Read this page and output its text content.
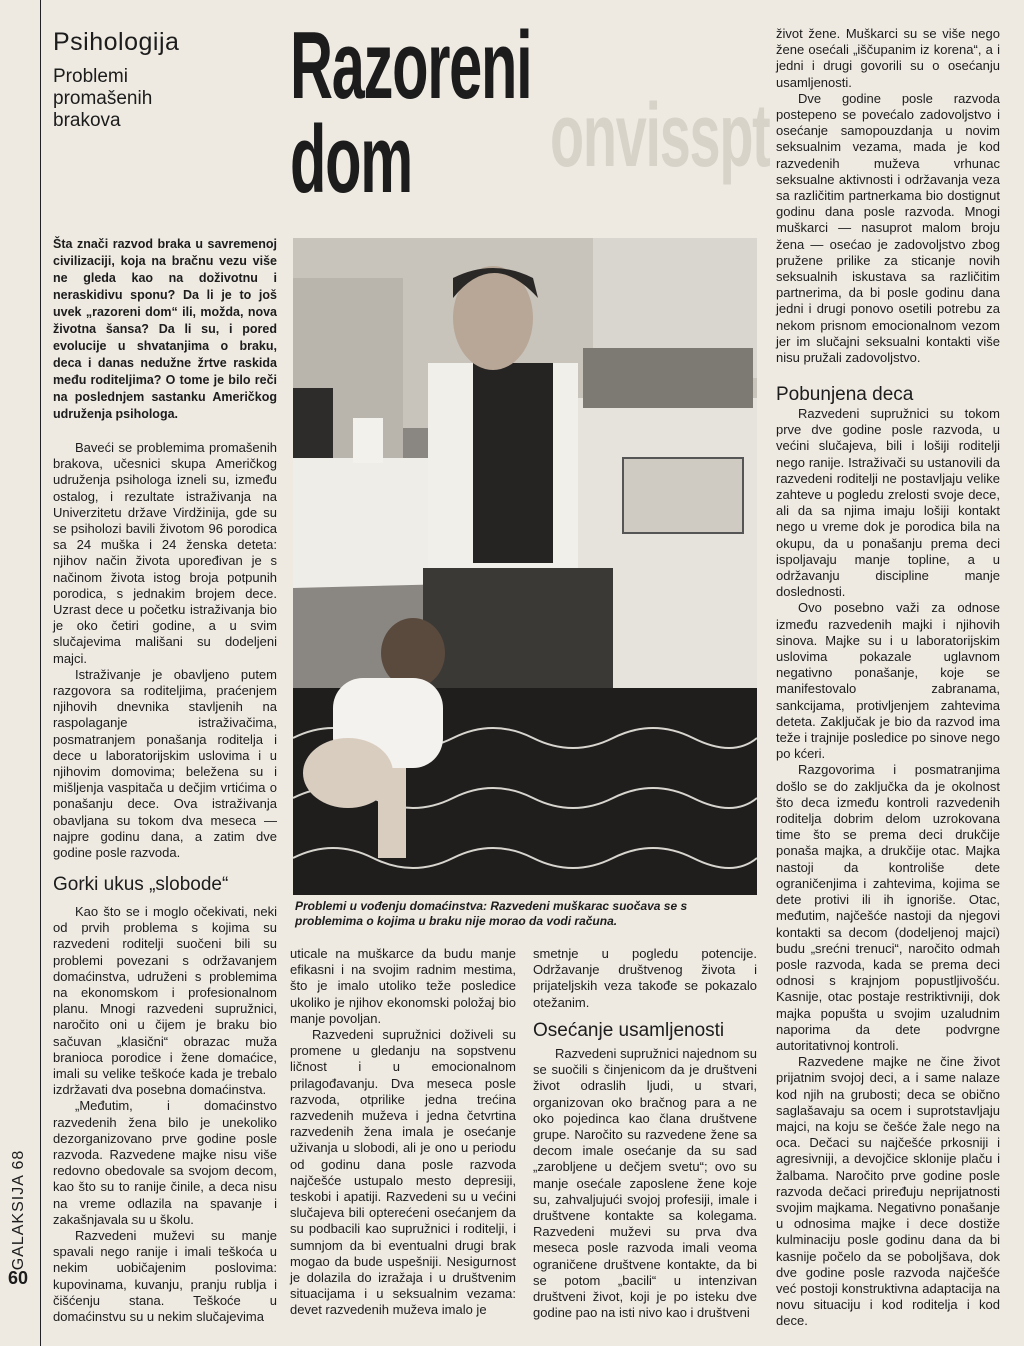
GALAKSIJA 68
60
Psihologija
Problemi promašenih brakova	onvisspt
Razoreni
dom
Šta znači razvod braka u savremenoj civilizaciji, koja na bračnu vezu više ne gleda kao na doživotnu i neraskidivu sponu? Da li je to još uvek „razoreni dom“ ili, možda, nova životna šansa? Da li su, i pored evolucije u shvatanjima o braku, deca i danas nedužne žrtve raskida među roditeljima? O tome je bilo reči na poslednjem sastanku Američkog udruženja psihologa.

Baveći se problemima promašenih brakova, učesnici skupa Američkog udruženja psihologa izneli su, između ostalog, i rezultate istraživanja na Univerzitetu države Virdžinija, gde su se psiholozi bavili životom 96 porodica sa 24 muška i 24 ženska deteta: njihov način života upoređivan je s načinom života istog broja potpunih porodica, s jednakim brojem dece. Uzrast dece u početku istraživanja bio je oko četiri godine, a u svim slučajevima mališani su dodeljeni majci.

Istraživanje je obavljeno putem razgovora sa roditeljima, praćenjem njihovih dnevnika stavljenih na raspolaganje istraživačima, posmatranjem ponašanja roditelja i dece u laboratorijskim uslovima i u njihovim domovima; beležena su i mišljenja vaspitača u dečjim vrtićima o ponašanju dece. Ova istraživanja obavljana su tokom dva meseca — najpre godinu dana, a zatim dve godine posle razvoda.

Gorki ukus „slobode“

Kao što se i moglo očekivati, neki od prvih problema s kojima su razvedeni roditelji suočeni bili su problemi povezani s održavanjem domaćinstva, udruženi s problemima na ekonomskom i profesionalnom planu. Mnogi razvedeni supružnici, naročito oni u čijem je braku bio sačuvan „klasični“ obrazac muža branioca porodice i žene domaćice, imali su velike teškoće kada je trebalo izdržavati dva posebna domaćinstva.

„Međutim, i domaćinstvo razvedenih žena bilo je unekoliko dezorganizovano prve godine posle razvoda. Razvedene majke nisu više redovno obedovale sa svojom decom, kao što su to ranije činile, a deca nisu na vreme odlazila na spavanje i zakašnjavala su u školu.

Razvedeni muževi su manje spavali nego ranije i imali teškoća u nekim uobičajenim poslovima: kupovinama, kuvanju, pranju rublja i čišćenju stana. Teškoće u domaćinstvu su u nekim slučajevima

Problemi u vođenju domaćinstva: Razvedeni muškarac suočava se s problemima o kojima u braku nije morao da vodi računa.

uticale na muškarce da budu manje efikasni i na svojim radnim mestima, što je imalo utoliko teže posledice ukoliko je njihov ekonomski položaj bio manje povoljan.

Razvedeni supružnici doživeli su promene u gledanju na sopstvenu ličnost i u emocionalnom prilagođavanju. Dva meseca posle razvoda, otprilike jedna trećina razvedenih muževa i jedna četvrtina razvedenih žena imala je osećanje uživanja u slobodi, ali je ono u periodu od godinu dana posle razvoda najčešće ustupalo mesto depresiji, teskobi i apatiji. Razvedeni su u većini slučajeva bili opterećeni osećanjem da su podbacili kao supružnici i roditelji, i sumnjom da bi eventualni drugi brak mogao da bude uspešniji. Nesigurnost je dolazila do izražaja i u društvenim situacijama i u seksualnim vezama: devet razvedenih muževa imalo je

smetnje u pogledu potencije. Održavanje društvenog života i prijateljskih veza takođe se pokazalo otežanim.

Osećanje usamljenosti

Razvedeni supružnici najednom su se suočili s činjenicom da je društveni život odraslih ljudi, u stvari, organizovan oko bračnog para a ne oko pojedinca kao člana društvene grupe. Naročito su razvedene žene sa decom imale osećanje da su sad „zarobljene u dečjem svetu“; ovo su manje osećale zaposlene žene koje su, zahvaljujući svojoj profesiji, imale i društvene kontakte sa kolegama. Razvedeni muževi su prva dva meseca posle razvoda imali veoma ograničene društvene kontakte, da bi se potom „bacili“ u intenzivan društveni život, koji je po isteku dve godine pao na isti nivo kao i društveni

život žene. Muškarci su se više nego žene osećali „iščupanim iz korena“, a i jedni i drugi govorili su o osećanju usamljenosti.

Dve godine posle razvoda postepeno se povećalo zadovoljstvo i osećanje samopouzdanja u novim seksualnim vezama, mada je kod razvedenih muževa vrhunac seksualne aktivnosti i održavanja veza sa različitim partnerkama bio dostignut godinu dana posle razvoda. Mnogi muškarci — nasuprot malom broju žena — osećao je zadovoljstvo zbog pružene prilike za sticanje novih seksualnih iskustava sa različitim partnerima, da bi posle godinu dana jedni i drugi ponovo osetili potrebu za nekom prisnom emocionalnom vezom jer im slučajni seksualni kontakti više nisu pružali zadovoljstvo.

Pobunjena deca

Razvedeni supružnici su tokom prve dve godine posle razvoda, u većini slučajeva, bili i lošiji roditelji nego ranije. Istraživači su ustanovili da razvedeni roditelji ne postavljaju velike zahteve u pogledu zrelosti svoje dece, ali da sa njima imaju lošiji kontakt nego u vreme dok je porodica bila na okupu, da u ponašanju prema deci ispoljavaju manje topline, a u održavanju discipline manje doslednosti.

Ovo posebno važi za odnose između razvedenih majki i njihovih sinova. Majke su i u laboratorijskim uslovima pokazale uglavnom negativno ponašanje, koje se manifestovalo zabranama, sankcijama, protivljenjem zahtevima deteta. Zaključak je bio da razvod ima teže i trajnije posledice po sinove nego po kćeri.

Razgovorima i posmatranjima došlo se do zaključka da je okolnost što deca između kontroli razvedenih roditelja dobrim delom uzrokovana time što se prema deci drukčije ponaša majka, a drukčije otac. Majka nastoji da kontroliše dete ograničenjima i zahtevima, kojima se dete protivi ili ih ignoriše. Otac, međutim, najčešće nastoji da njegovi kontakti sa decom (dodeljenoj majci) budu „srećni trenuci“, naročito odmah posle razvoda, kada se prema deci odnosi s krajnjom popustljivošću. Kasnije, otac postaje restriktivniji, dok majka popušta u svojim uzaludnim naporima da dete podvrgne autoritativnoj kontroli.

Razvedene majke ne čine život prijatnim svojoj deci, a i same nalaze kod njih na grubosti; deca se obično saglašavaju sa ocem i suprotstavljaju majci, na koju se češće žale nego na oca. Dečaci su najčešće prkosniji i agresivniji, a devojčice sklonije plaču i žalbama. Naročito prve godine posle razvoda dečaci priređuju neprijatnosti svojim majkama. Negativno ponašanje u odnosima majke i dece dostiže kulminaciju posle godinu dana da bi kasnije počelo da se poboljšava, dok dve godine posle razvoda najčešće već postoji konstruktivna adaptacija na novu situaciju i kod roditelja i kod dece.
